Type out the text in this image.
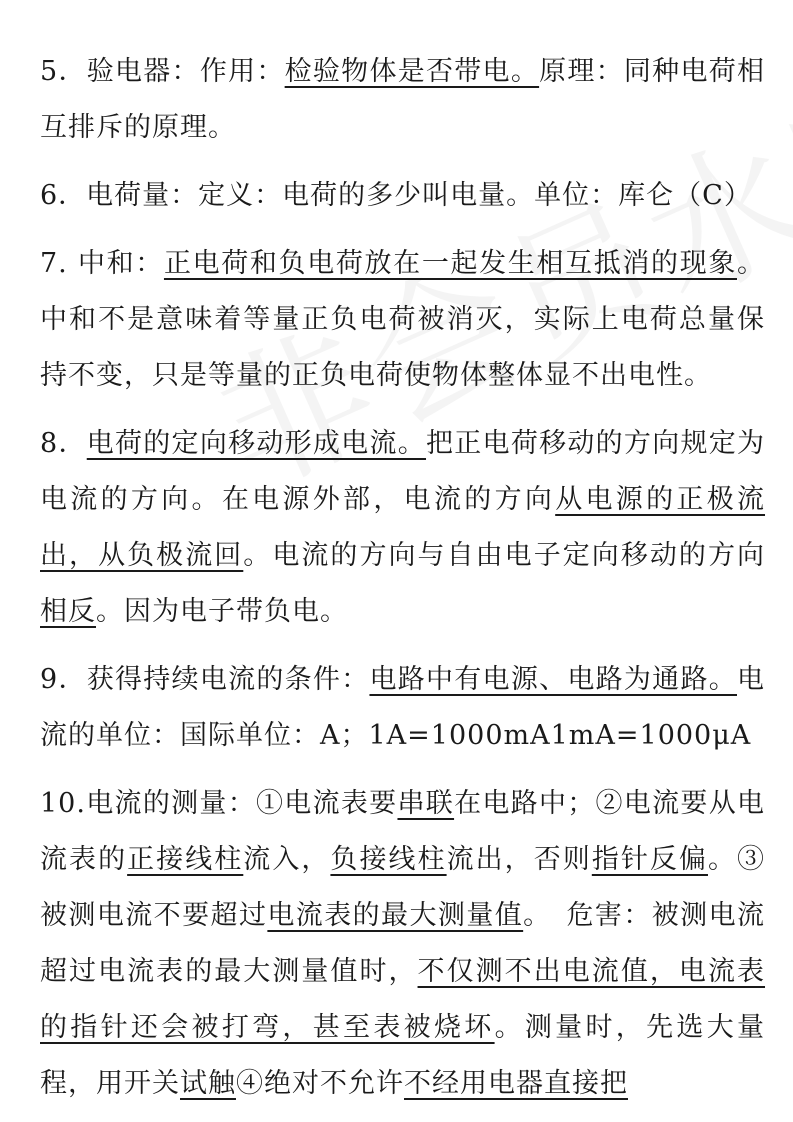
5．验电器：作用：检验物体是否带电。原理：同种电荷相互排斥的原理。

6．电荷量：定义：电荷的多少叫电量。单位：库仑（C）

7. 中和：正电荷和负电荷放在一起发生相互抵消的现象。中和不是意味着等量正负电荷被消灭，实际上电荷总量保持不变，只是等量的正负电荷使物体整体显不出电性。

8．电荷的定向移动形成电流。把正电荷移动的方向规定为电流的方向。在电源外部，电流的方向从电源的正极流出，从负极流回。电流的方向与自由电子定向移动的方向相反。因为电子带负电。

9．获得持续电流的条件：电路中有电源、电路为通路。电流的单位：国际单位：A；1A=1000mA1mA=1000μA

10.电流的测量：①电流表要串联在电路中；②电流要从电流表的正接线柱流入，负接线柱流出，否则指针反偏。③被测电流不要超过电流表的最大测量值。　危害：被测电流超过电流表的最大测量值时，不仅测不出电流值，电流表的指针还会被打弯，甚至表被烧坏。测量时，先选大量程，用开关试触④绝对不允许不经用电器直接把
